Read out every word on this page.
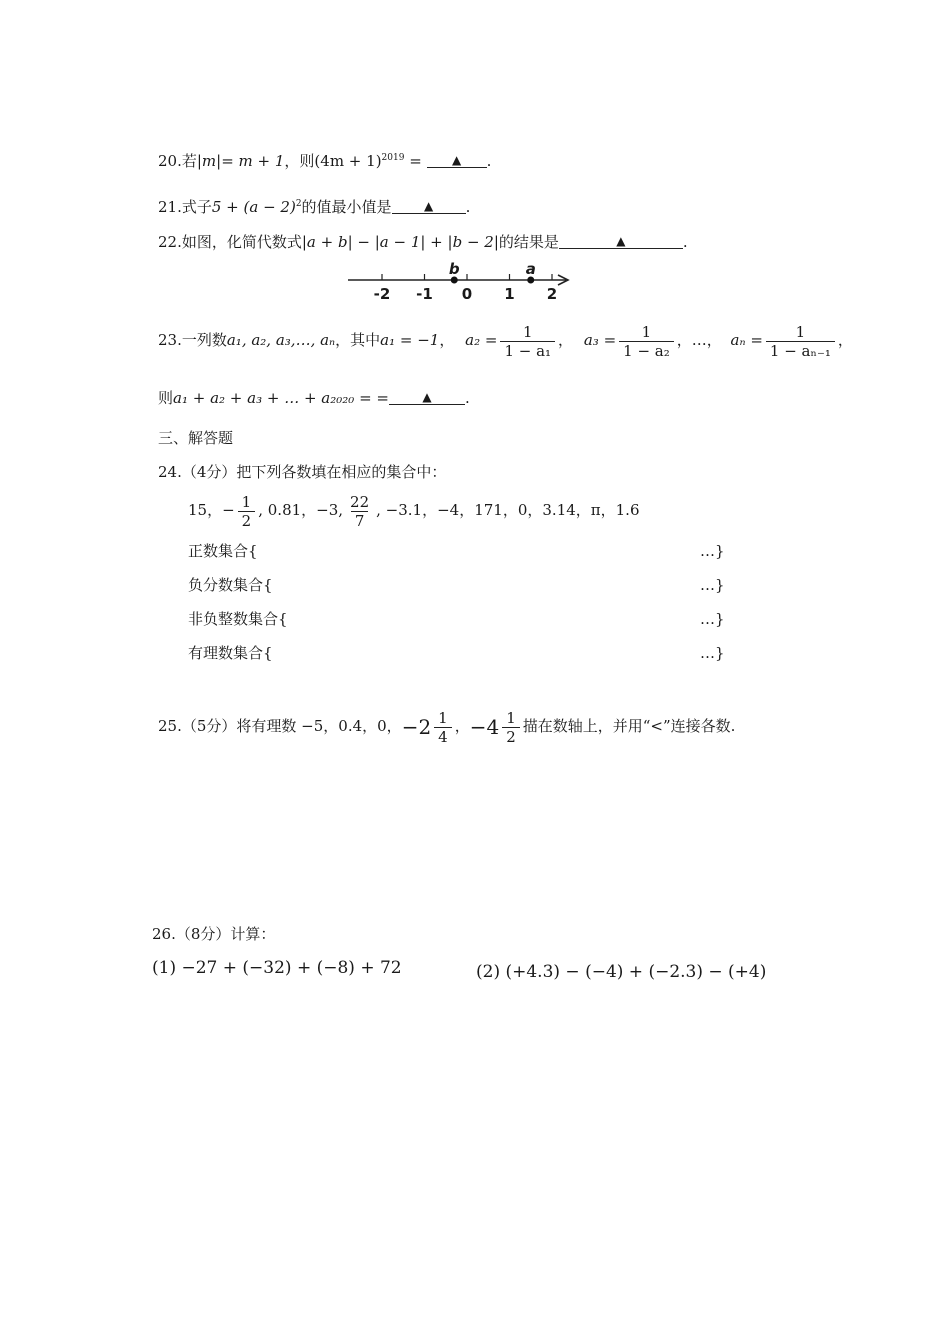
20.若|m|= m + 1，则$(4m + 1)^{2019}$ = ▲ .
21.式子$5 + (a - 2)^2$的值最小值是	▲ .
22.如图，化简代数式|a + b| − |a − 1| + |b − 2|的结果是	▲	.
-2 -1 0 1 2
b	a
23.一列数a₁, a₂, a₃,…, aₙ，其中a₁ = −1， $a_2 = \frac{1}{\text{1 − a₁}}$ ， $a_3 = \frac{1}{\text{1 − a₂}}$ ，…， $a_n = \frac{1}{\text{1 − aₙ₋₁}}$ ，
则a₁ + a₂ + a₃ + … + a₂₀₂₀ = =	▲ .
三、解答题
24.（4分）把下列各数填在相应的集合中：
15，− $\frac{1}{2}$ , 0.81，−3, $\frac{22}{7}$ , −3.1，−4，171，0，3.14，π，1.6
正数集合{	…}
负分数集合{	…}
非负整数集合{	…}
有理数集合{	…}
25.（5分）将有理数 −5，0.4，0， $-2 \frac{1}{4}$ ， $-4 \frac{1}{2}$ 描在数轴上，并用“<”连接各数.
26.（8分）计算：
(1) −27 + (−32) + (−8) + 72	(2) (+4.3) − (−4) + (−2.3) − (+4)
